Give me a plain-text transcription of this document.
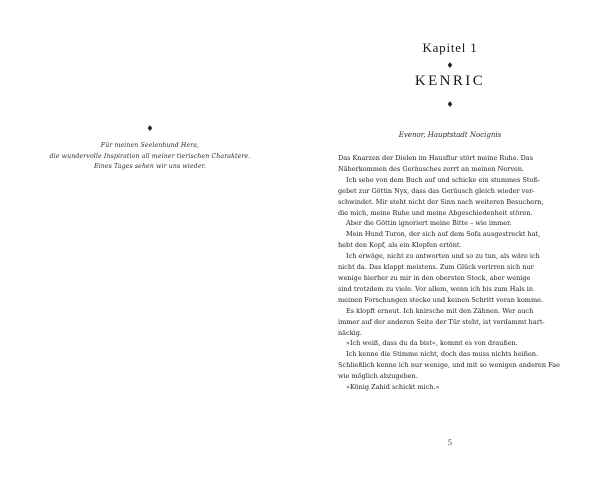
♦
Für meinen Seelenhund Hera,
die wundervolle Inspiration all meiner tierischen Charaktere.
Eines Tages sehen wir uns wieder.
Kapitel 1
♦
KENRIC
♦
Evenor, Hauptstadt Nocignis
Das Knarzen der Dielen im Hausflur stört meine Ruhe. Das
Näherkommen des Geräusches zerrt an meinen Nerven.
Ich sehe von dem Buch auf und schicke ein stummes Stoß-
gebet zur Göttin Nyx, dass das Geräusch gleich wieder ver-
schwindet. Mir steht nicht der Sinn nach weiteren Besuchern,
die mich, meine Ruhe und meine Abgeschiedenheit stören.
Aber die Göttin ignoriert meine Bitte – wie immer.
Mein Hund Turon, der sich auf dem Sofa ausgestreckt hat,
hebt den Kopf, als ein Klopfen ertönt.
Ich erwäge, nicht zu antworten und so zu tun, als wäre ich
nicht da. Das klappt meistens. Zum Glück verirren sich nur
wenige hierher zu mir in den obersten Stock, aber wenige
sind trotzdem zu viele. Vor allem, wenn ich bis zum Hals in
meinen Forschungen stecke und keinen Schritt voran komme.
Es klopft erneut. Ich knirsche mit den Zähnen. Wer auch
immer auf der anderen Seite der Tür steht, ist verdammt hart-
näckig.
»Ich weiß, dass du da bist«, kommt es von draußen.
Ich kenne die Stimme nicht, doch das muss nichts heißen.
Schließlich kenne ich nur wenige, und mit so wenigen anderen Fae
wie möglich abzugeben.
»König Zahid schickt mich.«
5
